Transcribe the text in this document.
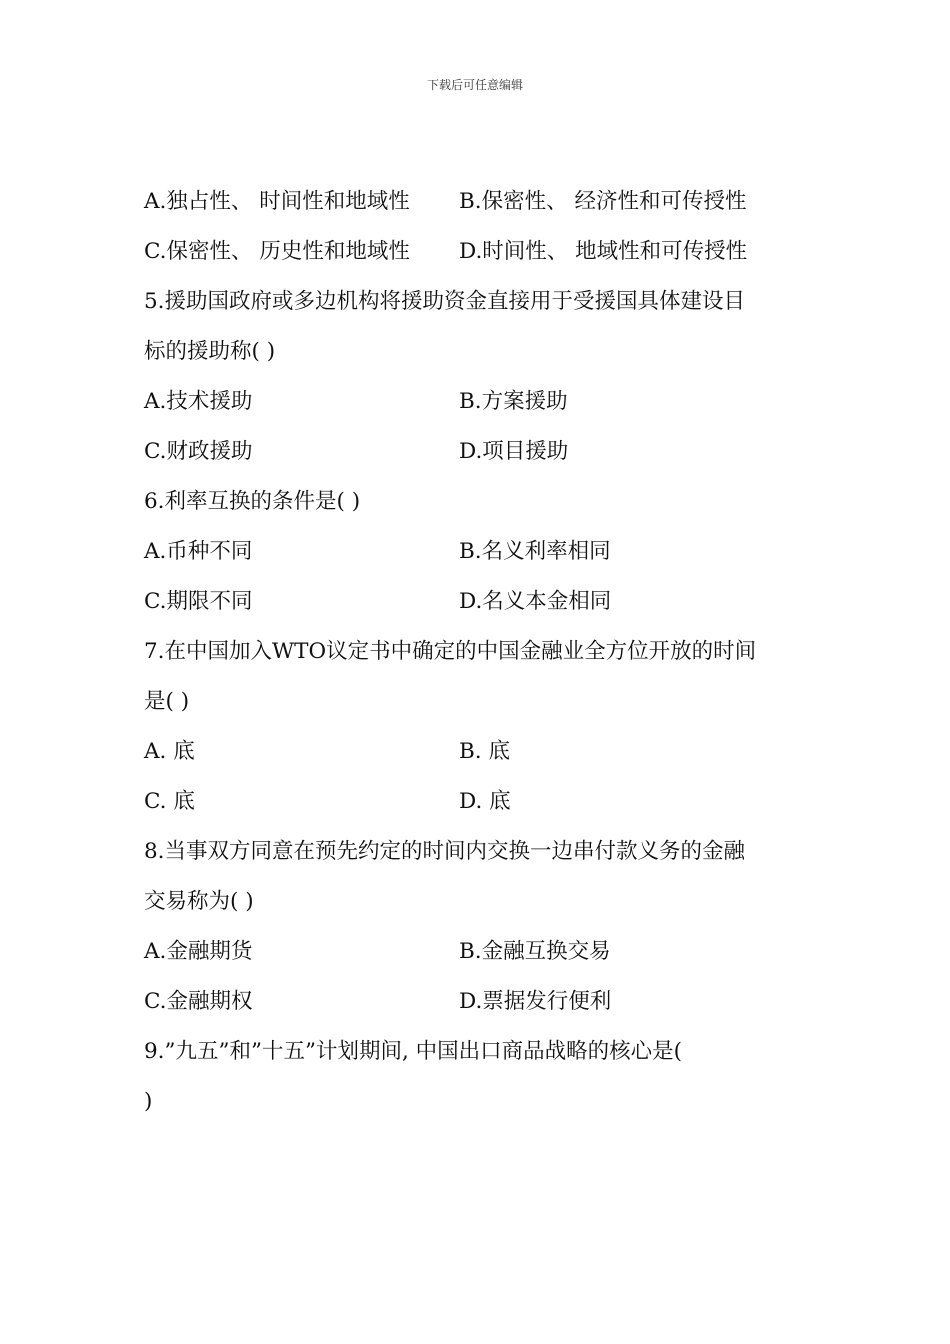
下载后可任意编辑
A.独占性、 时间性和地域性 B.保密性、 经济性和可传授性
C.保密性、 历史性和地域性 D.时间性、 地域性和可传授性
5.援助国政府或多边机构将援助资金直接用于受援国具体建设目
标的援助称( )
A.技术援助	B.方案援助
C.财政援助	D.项目援助
6.利率互换的条件是( )
A.币种不同	B.名义利率相同
C.期限不同	D.名义本金相同
7.在中国加入WTO议定书中确定的中国金融业全方位开放的时间
是( )
A. 底	B. 底
C. 底	D. 底
8.当事双方同意在预先约定的时间内交换一边串付款义务的金融
交易称为( )
A.金融期货	B.金融互换交易
C.金融期权	D.票据发行便利
9.”九五”和”十五”计划期间, 中国出口商品战略的核心是(
)
